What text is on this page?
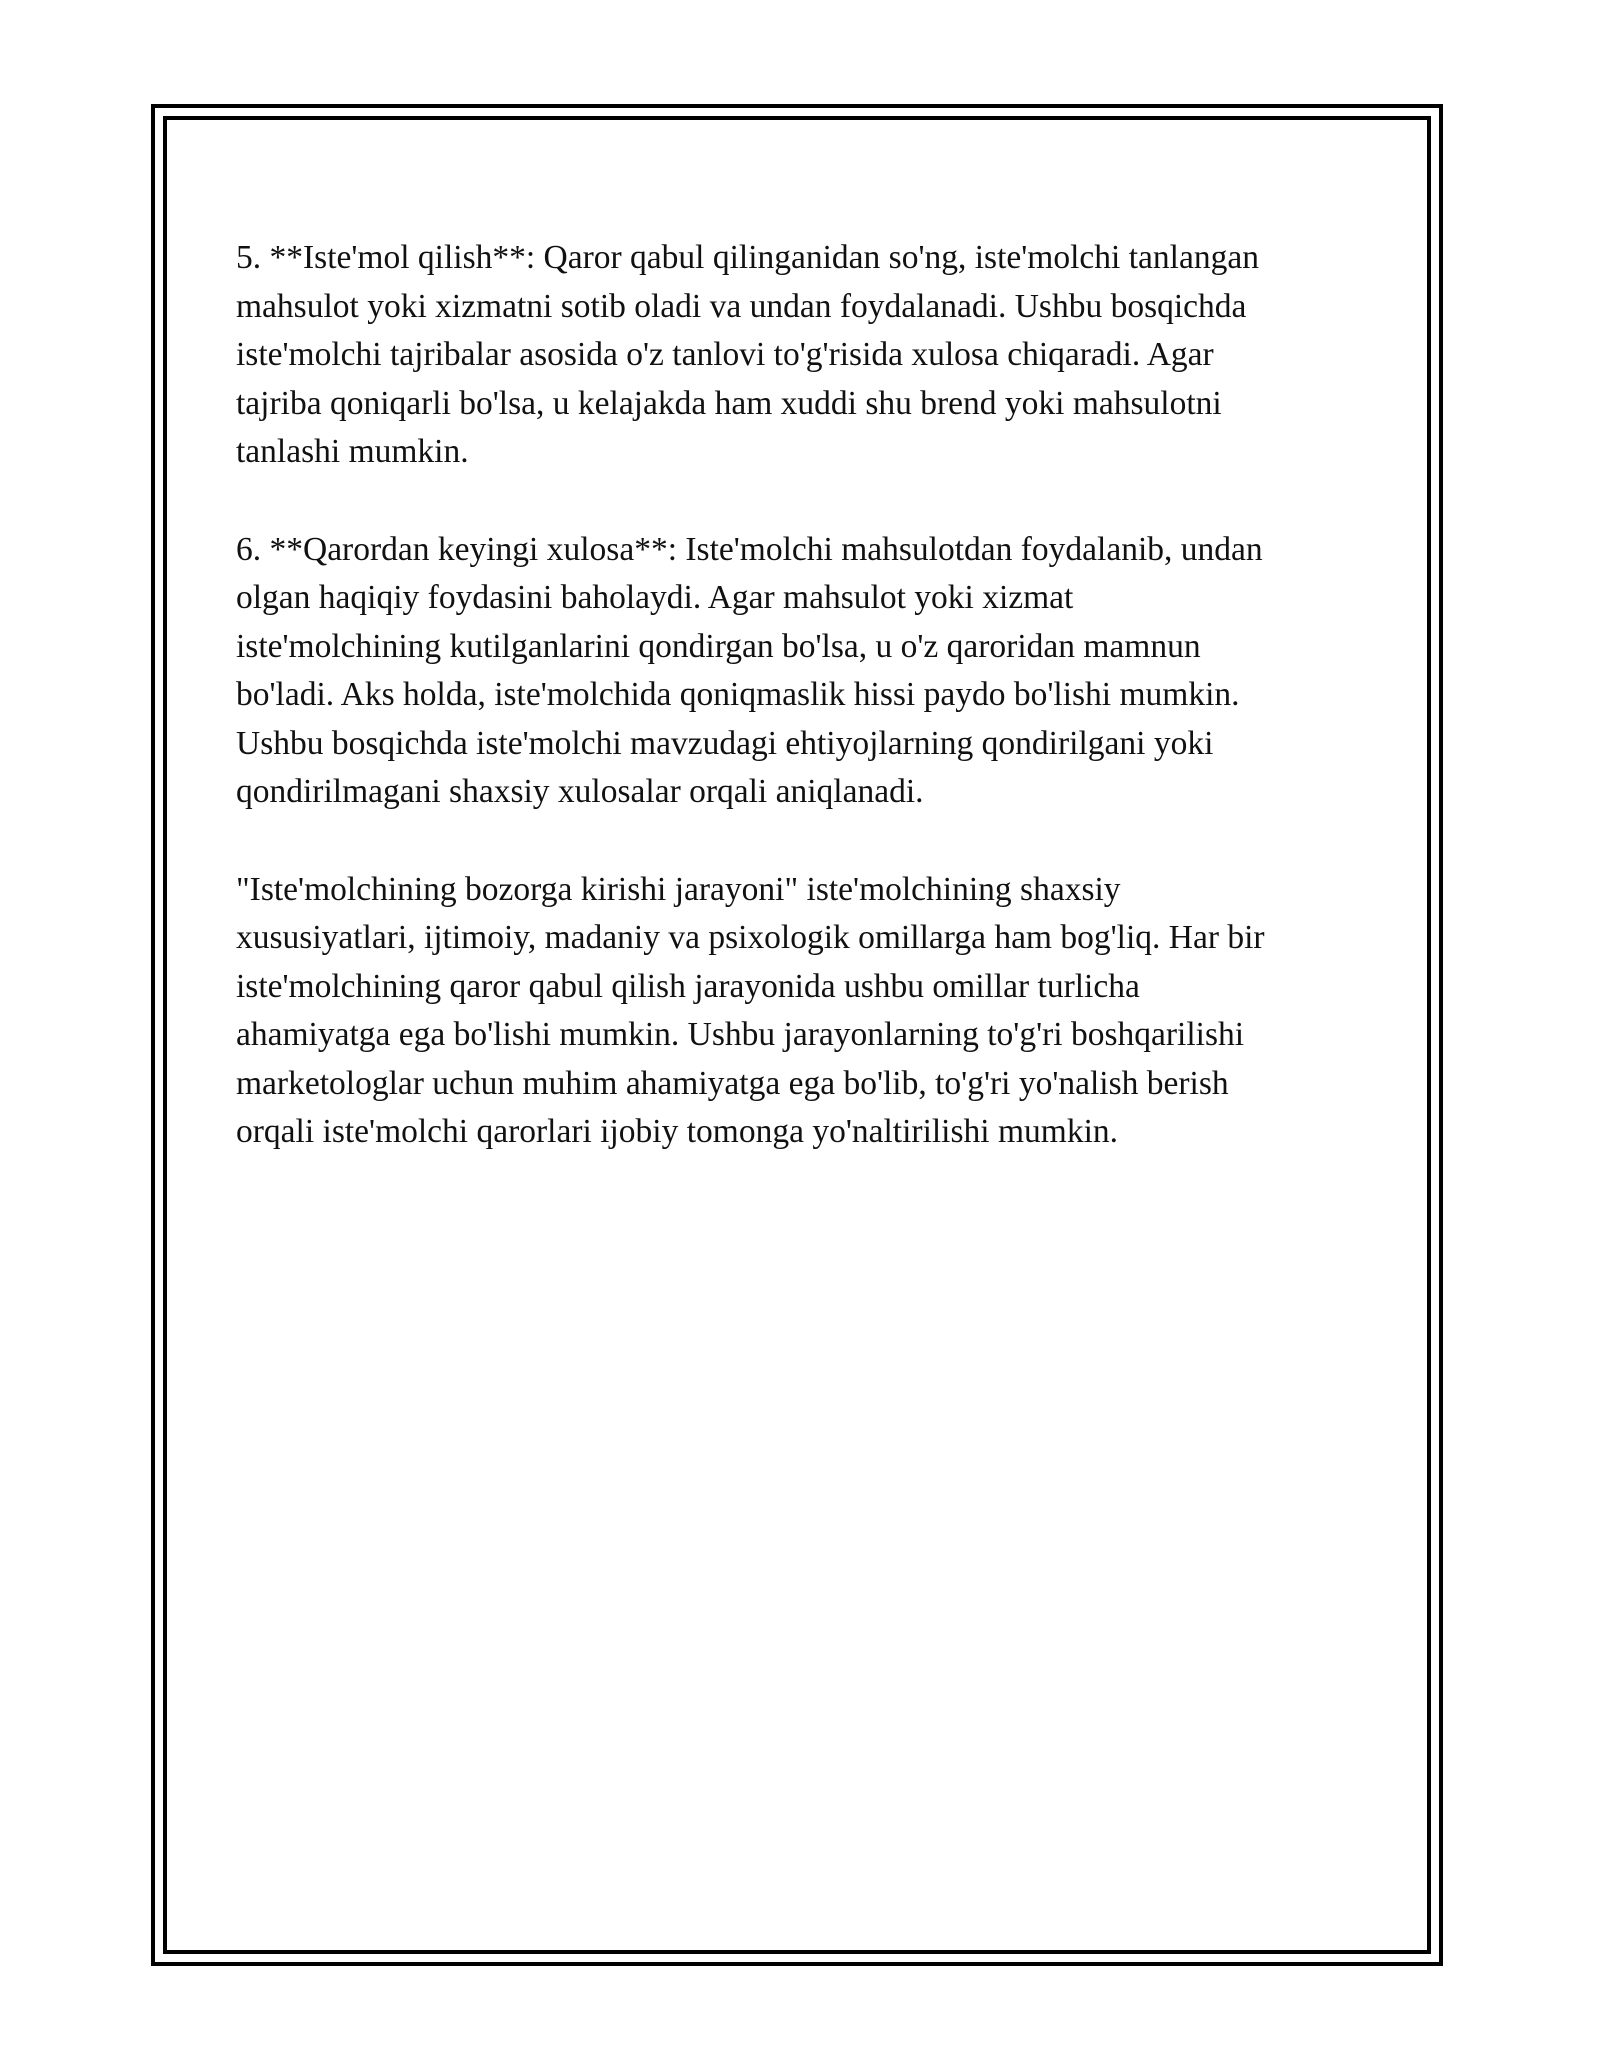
5. **Iste'mol qilish**: Qaror qabul qilinganidan so'ng, iste'molchi tanlangan
mahsulot yoki xizmatni sotib oladi va undan foydalanadi. Ushbu bosqichda
iste'molchi tajribalar asosida o'z tanlovi to'g'risida xulosa chiqaradi. Agar
tajriba qoniqarli bo'lsa, u kelajakda ham xuddi shu brend yoki mahsulotni
tanlashi mumkin.

6. **Qarordan keyingi xulosa**: Iste'molchi mahsulotdan foydalanib, undan
olgan haqiqiy foydasini baholaydi. Agar mahsulot yoki xizmat
iste'molchining kutilganlarini qondirgan bo'lsa, u o'z qaroridan mamnun
bo'ladi. Aks holda, iste'molchida qoniqmaslik hissi paydo bo'lishi mumkin.
Ushbu bosqichda iste'molchi mavzudagi ehtiyojlarning qondirilgani yoki
qondirilmagani shaxsiy xulosalar orqali aniqlanadi.

"Iste'molchining bozorga kirishi jarayoni" iste'molchining shaxsiy
xususiyatlari, ijtimoiy, madaniy va psixologik omillarga ham bog'liq. Har bir
iste'molchining qaror qabul qilish jarayonida ushbu omillar turlicha
ahamiyatga ega bo'lishi mumkin. Ushbu jarayonlarning to'g'ri boshqarilishi
marketologlar uchun muhim ahamiyatga ega bo'lib, to'g'ri yo'nalish berish
orqali iste'molchi qarorlari ijobiy tomonga yo'naltirilishi mumkin.
